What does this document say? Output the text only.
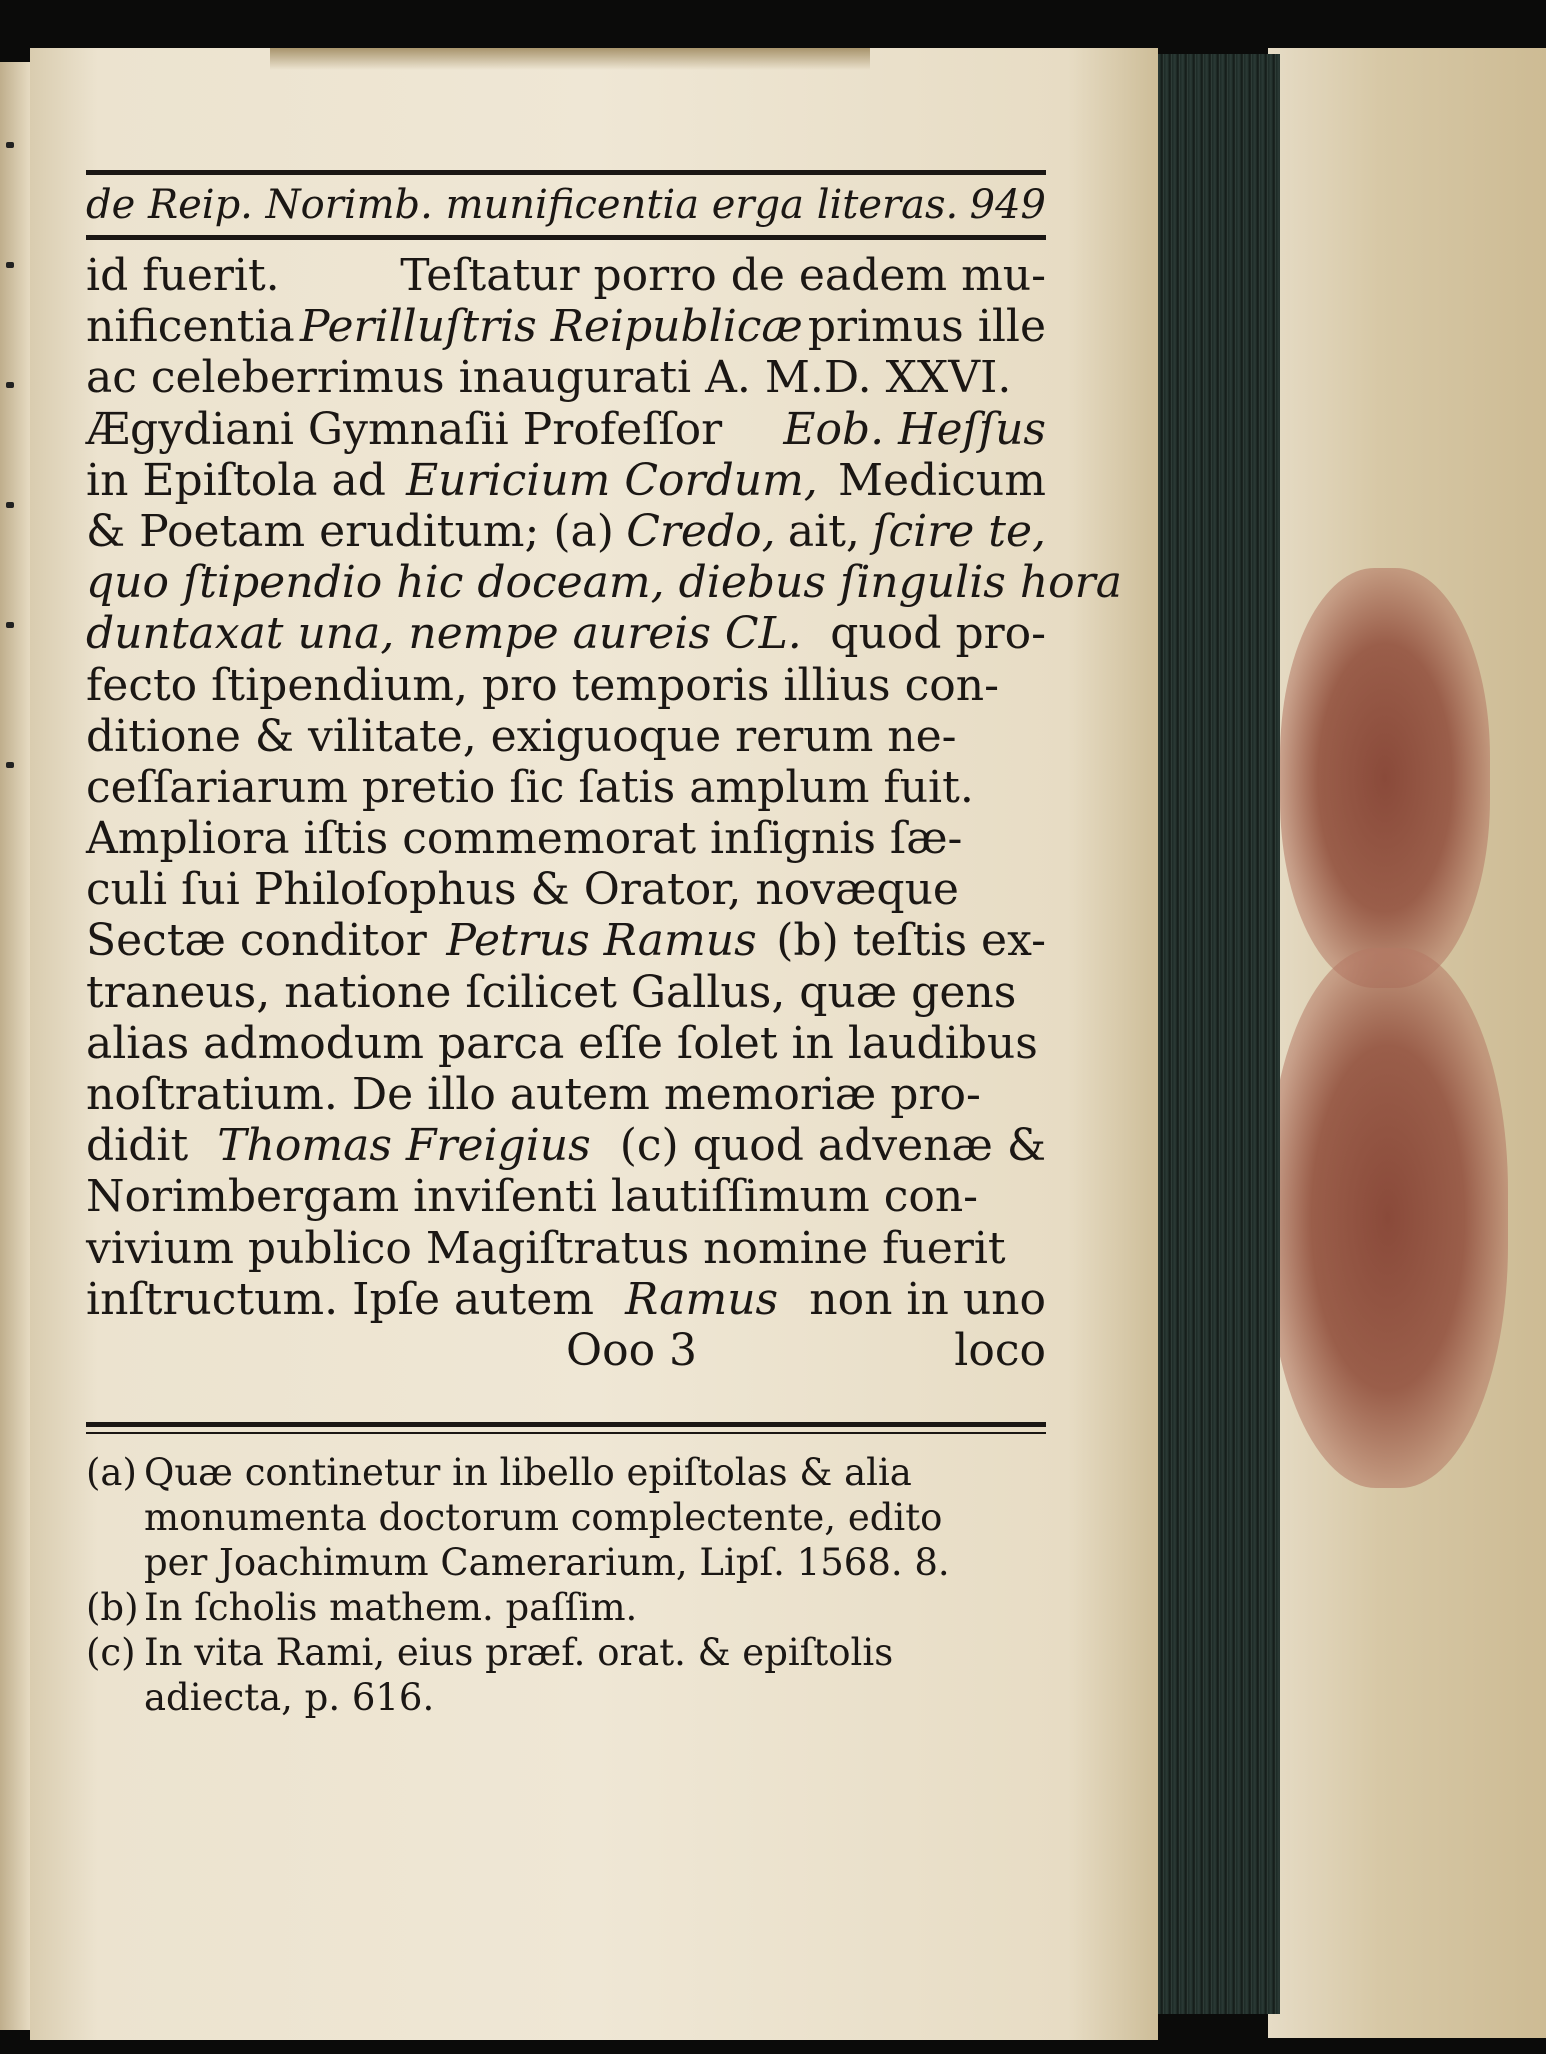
de Reip. Norimb. munificentia erga literas. 949
id fuerit.	Teſtatur porro de eadem mu-
nificentia Perilluſtris Reipublicæ primus ille
ac celeberrimus inaugurati A. M.D. XXVI.
Ægydiani Gymnaſii Profeſſor Eob. Heſſus
in Epiſtola ad Euricium Cordum, Medicum
& Poetam eruditum; (a) Credo, ait, ſcire te,
quo ſtipendio hic doceam, diebus ſingulis hora
duntaxat una, nempe aureis CL. quod pro-
fecto ſtipendium, pro temporis illius con-
ditione & vilitate, exiguoque rerum ne-
ceſſariarum pretio ſic ſatis amplum fuit.
Ampliora iſtis commemorat inſignis ſæ-
culi ſui Philoſophus & Orator, novæque
Sectæ conditor Petrus Ramus (b) teſtis ex-
traneus, natione ſcilicet Gallus, quæ gens
alias admodum parca eſſe ſolet in laudibus
noſtratium. De illo autem memoriæ pro-
didit Thomas Freigius (c) quod advenæ &
Norimbergam inviſenti lautiſſimum con-
vivium publico Magiſtratus nomine fuerit
inſtructum. Ipſe autem Ramus non in uno
Ooo 3	loco
(a) Quæ continetur in libello epiſtolas & alia
monumenta doctorum complectente, edito
per Joachimum Camerarium, Lipſ. 1568. 8.
(b) In ſcholis mathem. paſſim.
(c) In vita Rami, eius præf. orat. & epiſtolis
adiecta, p. 616.
